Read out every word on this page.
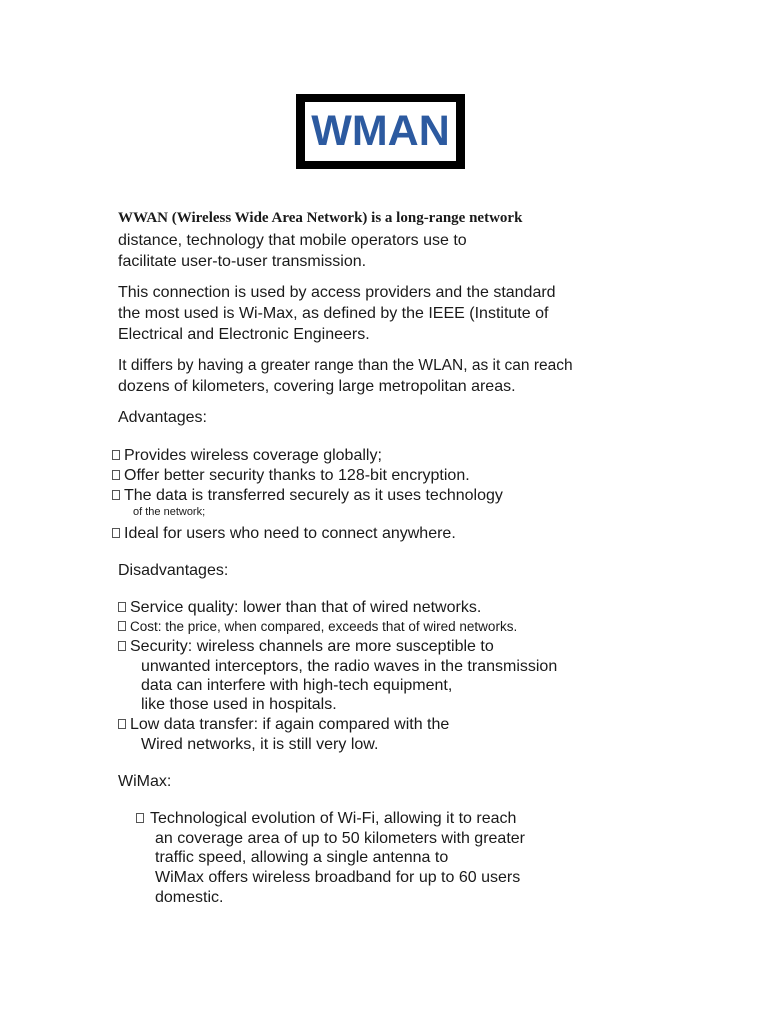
WMAN
WWAN (Wireless Wide Area Network) is a long-range network
distance, technology that mobile operators use to
facilitate user-to-user transmission.
This connection is used by access providers and the standard
the most used is Wi-Max, as defined by the IEEE (Institute of
Electrical and Electronic Engineers.
It differs by having a greater range than the WLAN, as it can reach
dozens of kilometers, covering large metropolitan areas.
Advantages:
Provides wireless coverage globally;
Offer better security thanks to 128-bit encryption.
The data is transferred securely as it uses technology
of the network;
Ideal for users who need to connect anywhere.
Disadvantages:
Service quality: lower than that of wired networks.
Cost: the price, when compared, exceeds that of wired networks.
Security: wireless channels are more susceptible to
unwanted interceptors, the radio waves in the transmission
data can interfere with high-tech equipment,
like those used in hospitals.
Low data transfer: if again compared with the
Wired networks, it is still very low.
WiMax:
Technological evolution of Wi-Fi, allowing it to reach
an coverage area of up to 50 kilometers with greater
traffic speed, allowing a single antenna to
WiMax offers wireless broadband for up to 60 users
domestic.
